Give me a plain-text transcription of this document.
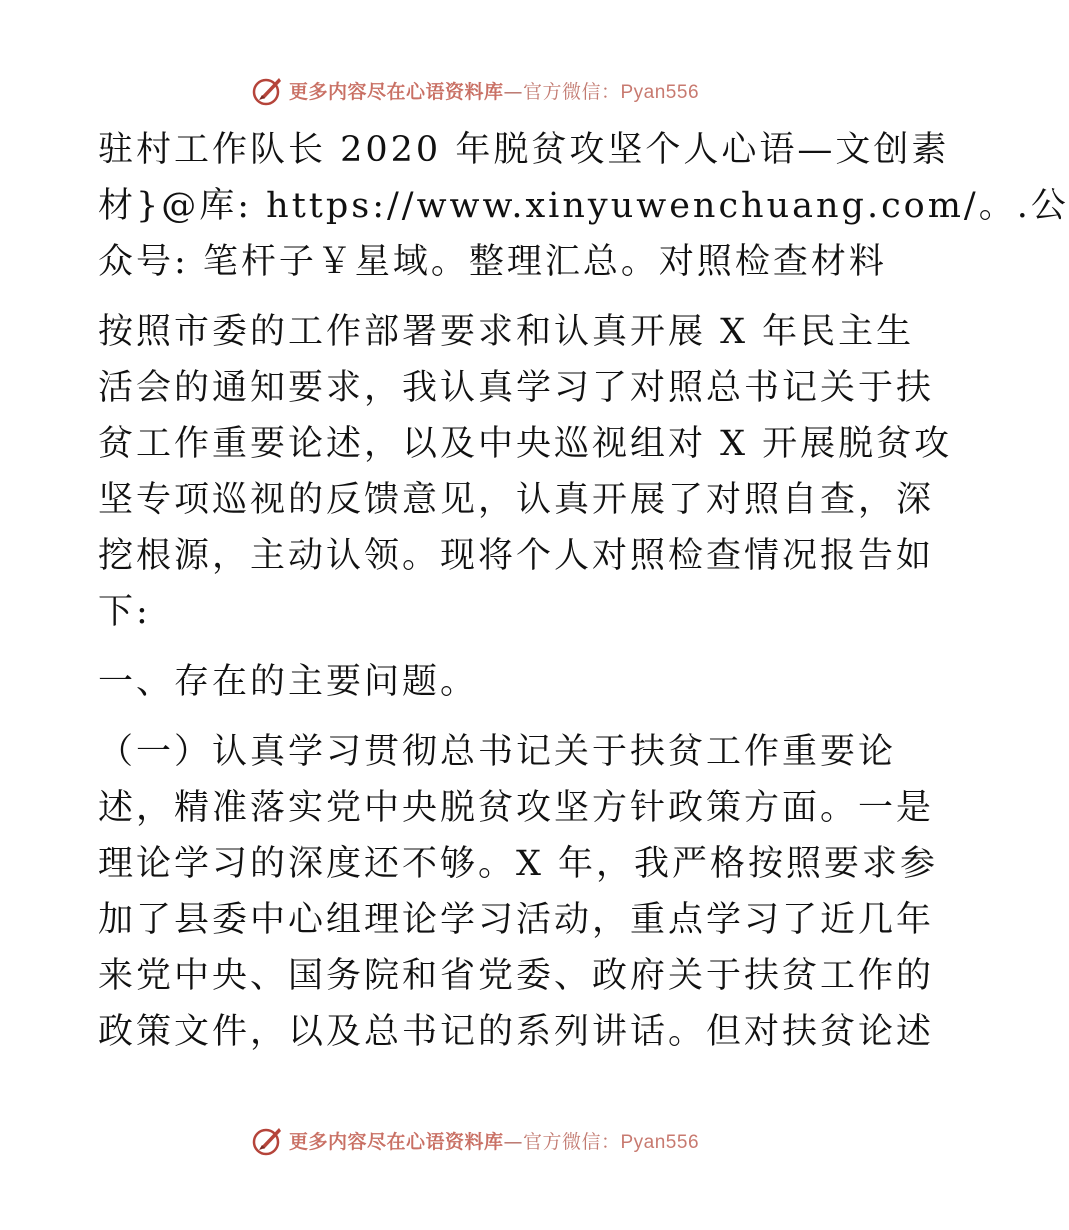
更多内容尽在心语资料库—官方微信：Pyan556
驻村工作队长 2020 年脱贫攻坚个人心语—文创素
材}@库: https://www.xinyuwenchuang.com/。.公
众号: 笔杆子￥星域。整理汇总。对照检查材料
按照市委的工作部署要求和认真开展 X 年民主生
活会的通知要求，我认真学习了对照总书记关于扶
贫工作重要论述，以及中央巡视组对 X 开展脱贫攻
坚专项巡视的反馈意见，认真开展了对照自查，深
挖根源，主动认领。现将个人对照检查情况报告如
下:
一、存在的主要问题。
（一）认真学习贯彻总书记关于扶贫工作重要论
述，精准落实党中央脱贫攻坚方针政策方面。一是
理论学习的深度还不够。X 年，我严格按照要求参
加了县委中心组理论学习活动，重点学习了近几年
来党中央、国务院和省党委、政府关于扶贫工作的
政策文件，以及总书记的系列讲话。但对扶贫论述
更多内容尽在心语资料库—官方微信：Pyan556
